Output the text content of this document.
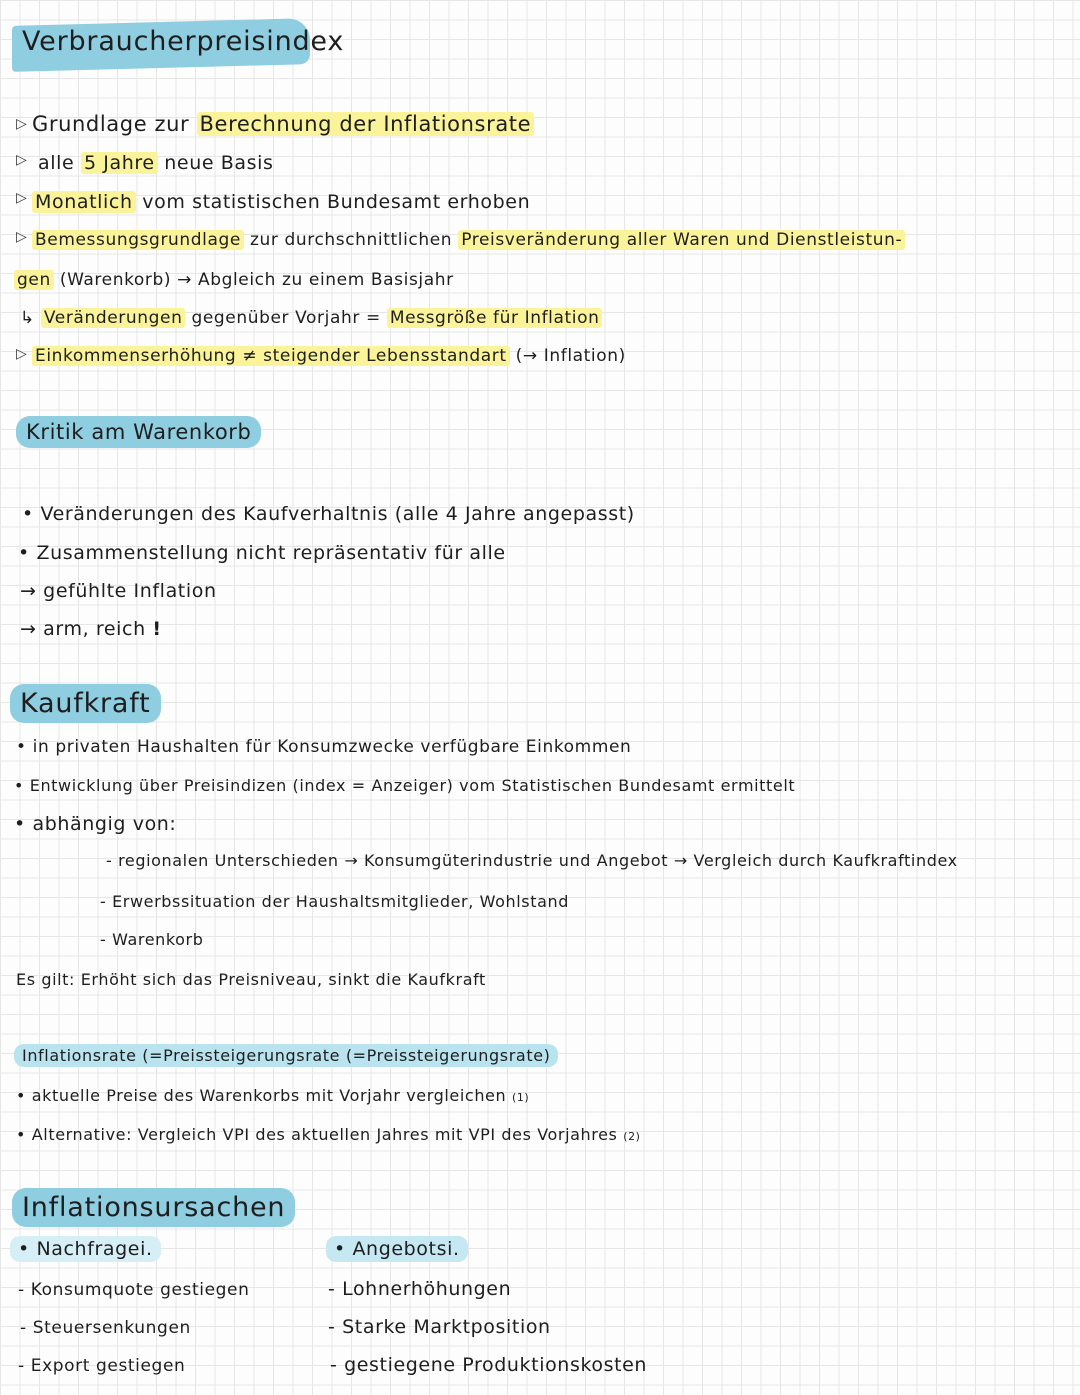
Verbraucherpreisindex
▷ Grundlage zur Berechnung der Inflationsrate
▷ alle 5 Jahre neue Basis
▷ Monatlich vom statistischen Bundesamt erhoben
▷ Bemessungsgrundlage zur durchschnittlichen Preisveränderung aller Waren und Dienstleistun-
gen (Warenkorb) → Abgleich zu einem Basisjahr
↳ Veränderungen gegenüber Vorjahr = Messgröße für Inflation
▷ Einkommenserhöhung ≠ steigender Lebensstandart (→ Inflation)
Kritik am Warenkorb
• Veränderungen des Kaufverhaltnis (alle 4 Jahre angepasst)
• Zusammenstellung nicht repräsentativ für alle
→ gefühlte Inflation
→ arm, reich !
Kaufkraft
• in privaten Haushalten für Konsumzwecke verfügbare Einkommen
• Entwicklung über Preisindizen (index = Anzeiger) vom Statistischen Bundesamt ermittelt
• abhängig von:
- regionalen Unterschieden → Konsumgüterindustrie und Angebot → Vergleich durch Kaufkraftindex
- Erwerbssituation der Haushaltsmitglieder, Wohlstand
- Warenkorb
Es gilt: Erhöht sich das Preisniveau, sinkt die Kaufkraft
Inflationsrate (=Preissteigerungsrate (=Preissteigerungsrate)
• aktuelle Preise des Warenkorbs mit Vorjahr vergleichen (1)
• Alternative: Vergleich VPI des aktuellen Jahres mit VPI des Vorjahres (2)
Inflationsursachen
• Nachfragei.
- Konsumquote gestiegen
- Steuersenkungen
- Export gestiegen
• Angebotsi.
- Lohnerhöhungen
- Starke Marktposition
- gestiegene Produktionskosten
